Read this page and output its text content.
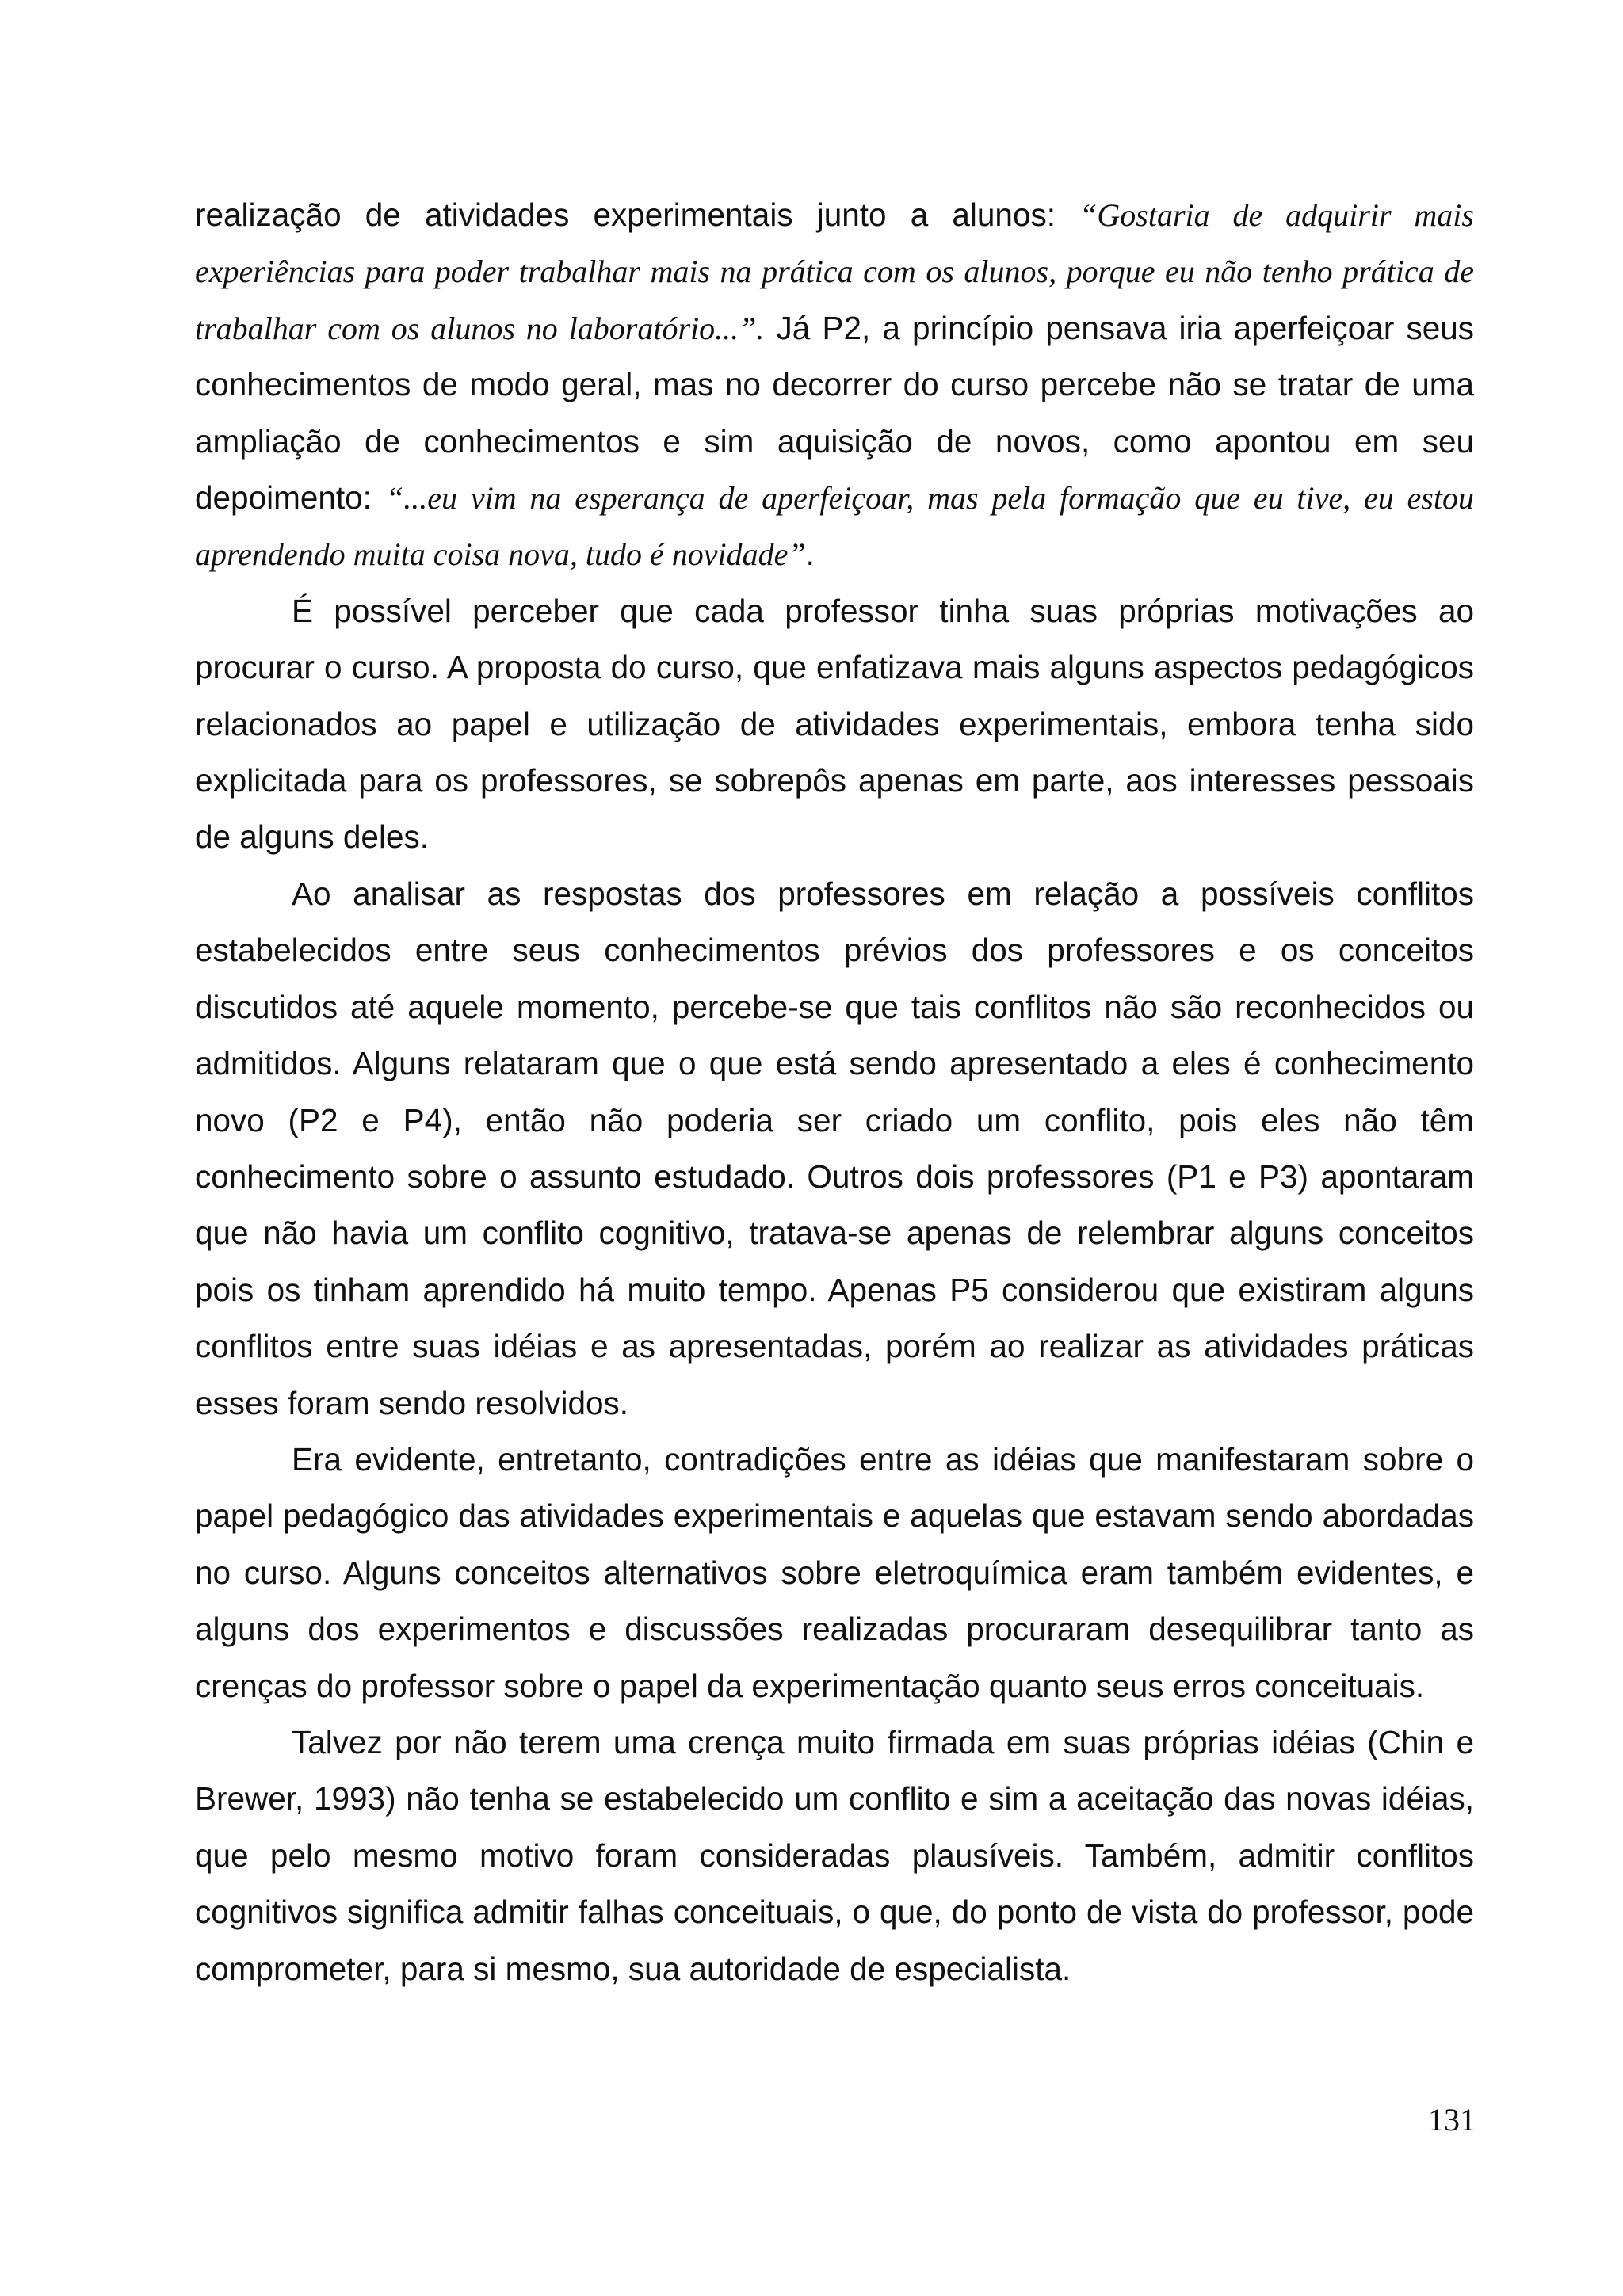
realização de atividades experimentais junto a alunos: “Gostaria de adquirir mais experiências para poder trabalhar mais na prática com os alunos, porque eu não tenho prática de trabalhar com os alunos no laboratório...”. Já P2, a princípio pensava iria aperfeiçoar seus conhecimentos de modo geral, mas no decorrer do curso percebe não se tratar de uma ampliação de conhecimentos e sim aquisição de novos, como apontou em seu depoimento: “...eu vim na esperança de aperfeiçoar, mas pela formação que eu tive, eu estou aprendendo muita coisa nova, tudo é novidade”.

É possível perceber que cada professor tinha suas próprias motivações ao procurar o curso. A proposta do curso, que enfatizava mais alguns aspectos pedagógicos relacionados ao papel e utilização de atividades experimentais, embora tenha sido explicitada para os professores, se sobrepôs apenas em parte, aos interesses pessoais de alguns deles.

Ao analisar as respostas dos professores em relação a possíveis conflitos estabelecidos entre seus conhecimentos prévios dos professores e os conceitos discutidos até aquele momento, percebe-se que tais conflitos não são reconhecidos ou admitidos. Alguns relataram que o que está sendo apresentado a eles é conhecimento novo (P2 e P4), então não poderia ser criado um conflito, pois eles não têm conhecimento sobre o assunto estudado. Outros dois professores (P1 e P3) apontaram que não havia um conflito cognitivo, tratava-se apenas de relembrar alguns conceitos pois os tinham aprendido há muito tempo. Apenas P5 considerou que existiram alguns conflitos entre suas idéias e as apresentadas, porém ao realizar as atividades práticas esses foram sendo resolvidos.

Era evidente, entretanto, contradições entre as idéias que manifestaram sobre o papel pedagógico das atividades experimentais e aquelas que estavam sendo abordadas no curso. Alguns conceitos alternativos sobre eletroquímica eram também evidentes, e alguns dos experimentos e discussões realizadas procuraram desequilibrar tanto as crenças do professor sobre o papel da experimentação quanto seus erros conceituais.

Talvez por não terem uma crença muito firmada em suas próprias idéias (Chin e Brewer, 1993) não tenha se estabelecido um conflito e sim a aceitação das novas idéias, que pelo mesmo motivo foram consideradas plausíveis. Também, admitir conflitos cognitivos significa admitir falhas conceituais, o que, do ponto de vista do professor, pode comprometer, para si mesmo, sua autoridade de especialista.

131
